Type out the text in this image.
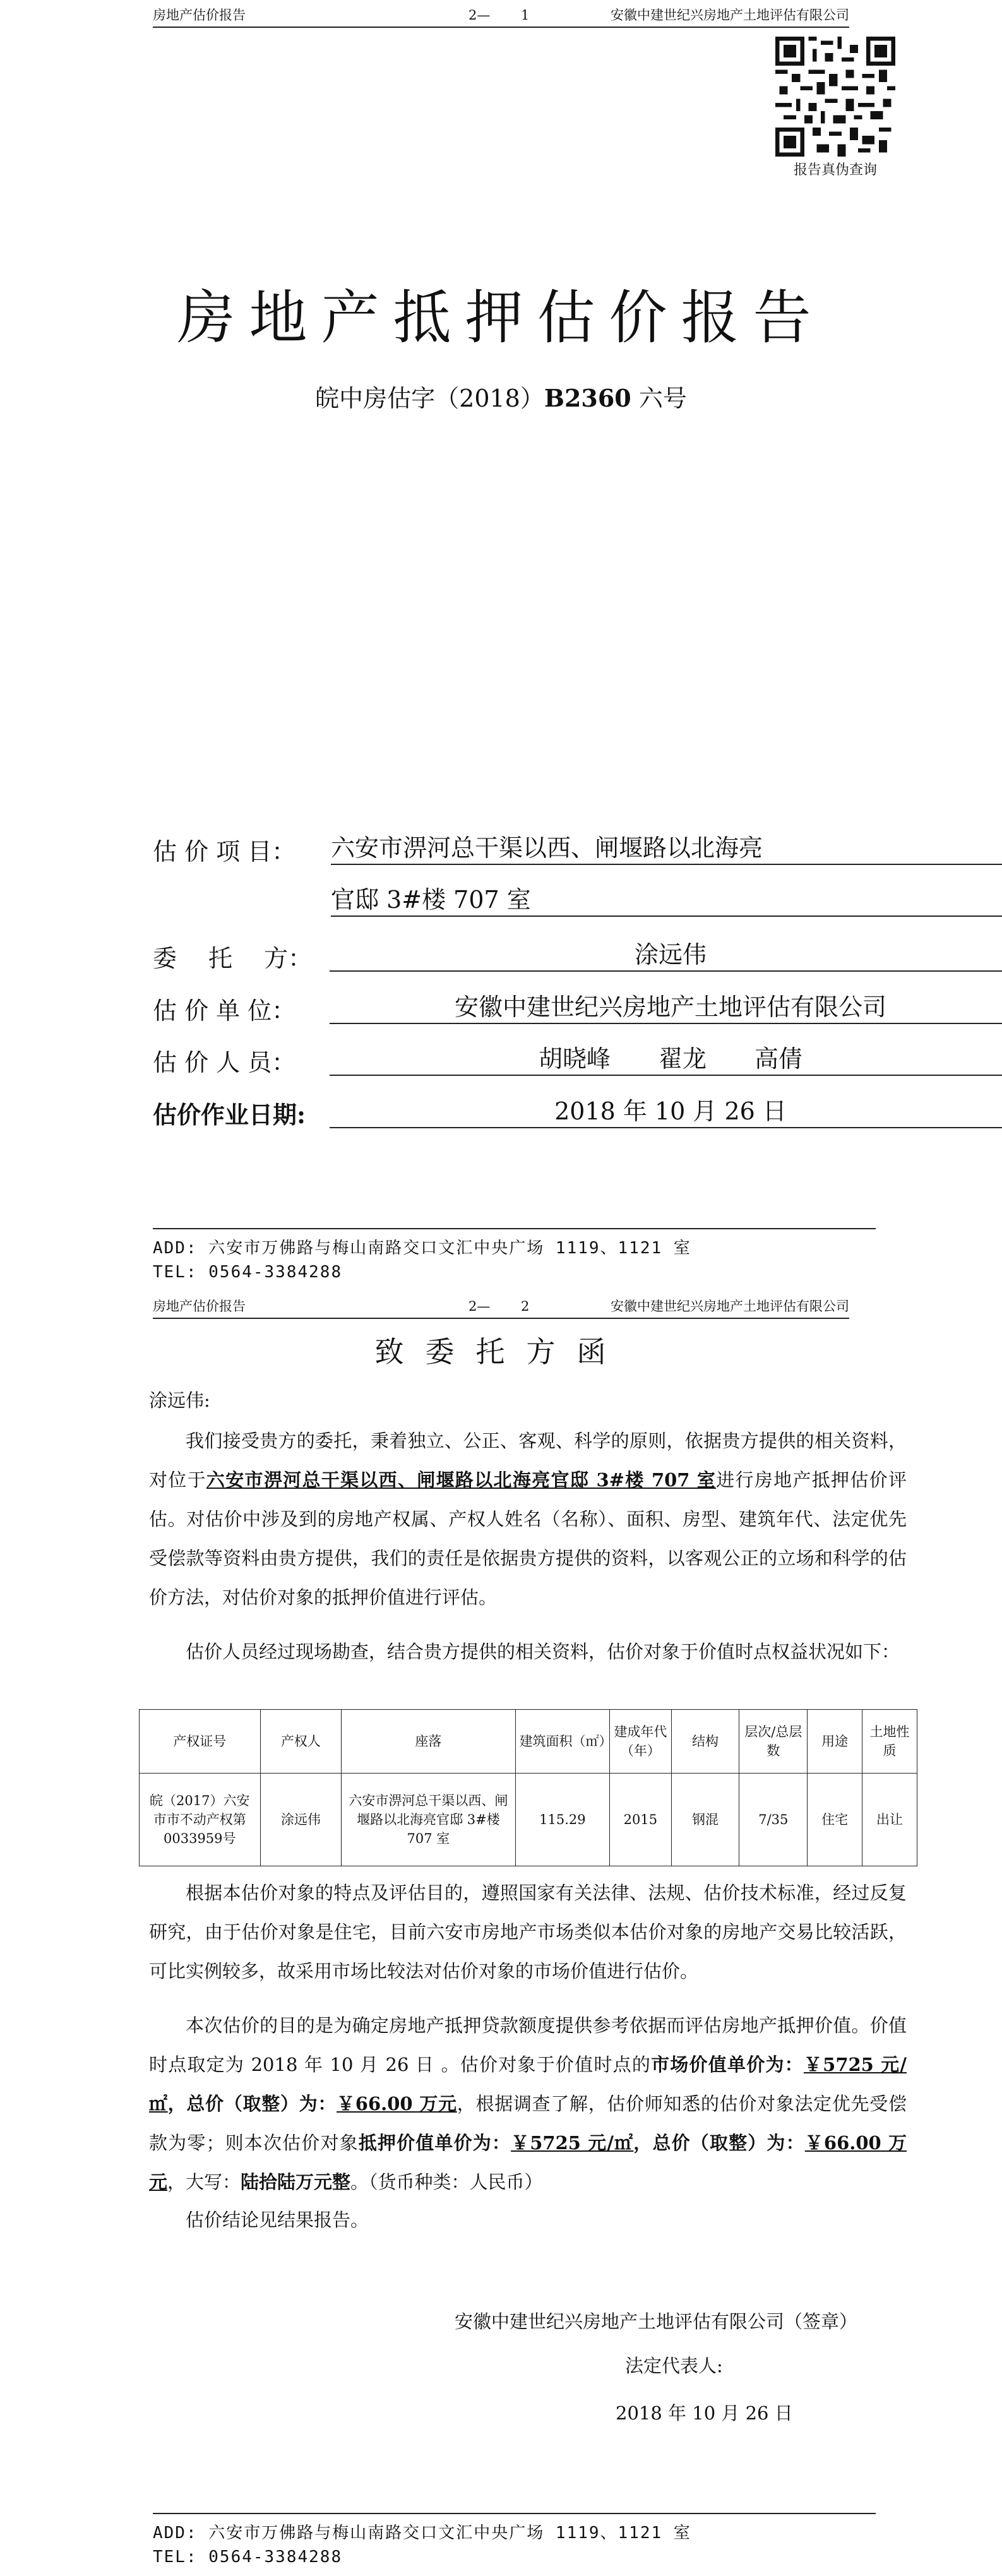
房地产估价报告	2— 　　1	安徽中建世纪兴房地产土地评估有限公司
报告真伪查询
房地产抵押估价报告
皖中房估字（2018）B2360 六号
估 价 项 目： 六安市淠河总干渠以西、闸堰路以北海亮
官邸 3#楼 707 室
委　 托　 方：	涂远伟
估 价 单 位：	安徽中建世纪兴房地产土地评估有限公司
估 价 人 员：	胡晓峰　　翟龙　　高倩
估价作业日期:	2018 年 10 月 26 日
ADD: 六安市万佛路与梅山南路交口文汇中央广场 1119、1121 室
TEL: 0564-3384288
房地产估价报告	2— 　　2	安徽中建世纪兴房地产土地评估有限公司
致委托方函
涂远伟:
我们接受贵方的委托，秉着独立、公正、客观、科学的原则，依据贵方提供的相关资料，对位于六安市淠河总干渠以西、闸堰路以北海亮官邸 3#楼 707 室进行房地产抵押估价评估。对估价中涉及到的房地产权属、产权人姓名（名称）、面积、房型、建筑年代、法定优先受偿款等资料由贵方提供，我们的责任是依据贵方提供的资料，以客观公正的立场和科学的估价方法，对估价对象的抵押价值进行评估。
估价人员经过现场勘查，结合贵方提供的相关资料，估价对象于价值时点权益状况如下：
产权证号	产权人	座落	建筑面积（㎡）	建成年代（年）	结构	层次/总层数	用途	土地性质
皖（2017）六安市市不动产权第0033959号	涂远伟	六安市淠河总干渠以西、闸堰路以北海亮官邸 3#楼 707 室	115.29	2015	钢混	7/35	住宅	出让
根据本估价对象的特点及评估目的，遵照国家有关法律、法规、估价技术标准，经过反复研究，由于估价对象是住宅，目前六安市房地产市场类似本估价对象的房地产交易比较活跃，可比实例较多，故采用市场比较法对估价对象的市场价值进行估价。
本次估价的目的是为确定房地产抵押贷款额度提供参考依据而评估房地产抵押价值。价值时点取定为 2018 年 10 月 26 日 。估价对象于价值时点的市场价值单价为：￥5725 元/㎡，总价（取整）为：￥66.00 万元，根据调查了解，估价师知悉的估价对象法定优先受偿款为零；则本次估价对象抵押价值单价为：￥5725 元/㎡，总价（取整）为：￥66.00 万元，大写：陆拾陆万元整。（货币种类：人民币）
估价结论见结果报告。
安徽中建世纪兴房地产土地评估有限公司（签章）
法定代表人:
2018 年 10 月 26 日
ADD: 六安市万佛路与梅山南路交口文汇中央广场 1119、1121 室
TEL: 0564-3384288
